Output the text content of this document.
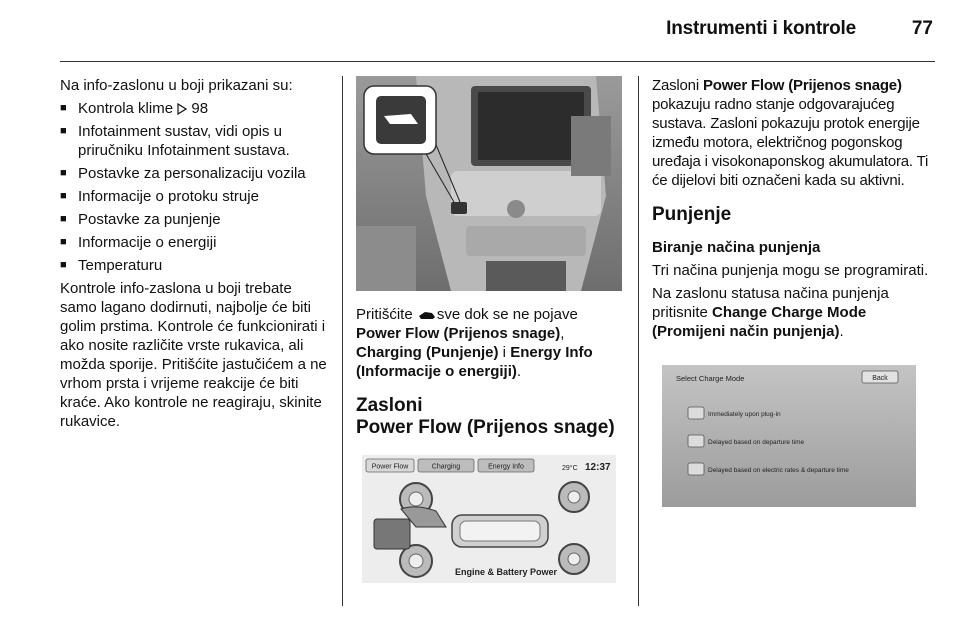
Instrumenti i kontrole	77

Na info-zaslonu u boji prikazani su:

■ Kontrola klime 98
■ Infotainment sustav, vidi opis u priručniku Infotainment sustava.
■ Postavke za personalizaciju vozila
■ Informacije o protoku struje
■ Postavke za punjenje
■ Informacije o energiji
■ Temperaturu

Kontrole info-zaslona u boji trebate samo lagano dodirnuti, najbolje će biti golim prstima. Kontrole će funkcionirati i ako nosite različite vrste rukavica, ali možda sporije. Pritišćite jastučićem a ne vrhom prsta i vrijeme reakcije će biti kraće. Ako kontrole ne reagiraju, skinite rukavice.

Pritišćite sve dok se ne pojave Power Flow (Prijenos snage), Charging (Punjenje) i Energy Info (Informacije o energiji).

Zasloni
Power Flow (Prijenos snage)
Power Flow	Charging	Energy Info	29°C 12:37
Engine & Battery Power

Zasloni Power Flow (Prijenos snage) pokazuju radno stanje odgovarajućeg sustava. Zasloni pokazuju protok energije između motora, električnog pogonskog uređaja i visokonaponskog akumulatora. Ti će dijelovi biti označeni kada su aktivni.

Punjenje

Biranje načina punjenja

Tri načina punjenja mogu se programirati.

Na zaslonu statusa načina punjenja pritisnite Change Charge Mode (Promijeni način punjenja).

Select Charge Mode	Back
Immediately upon plug-in
Delayed based on departure time
Delayed based on electric rates & departure time
